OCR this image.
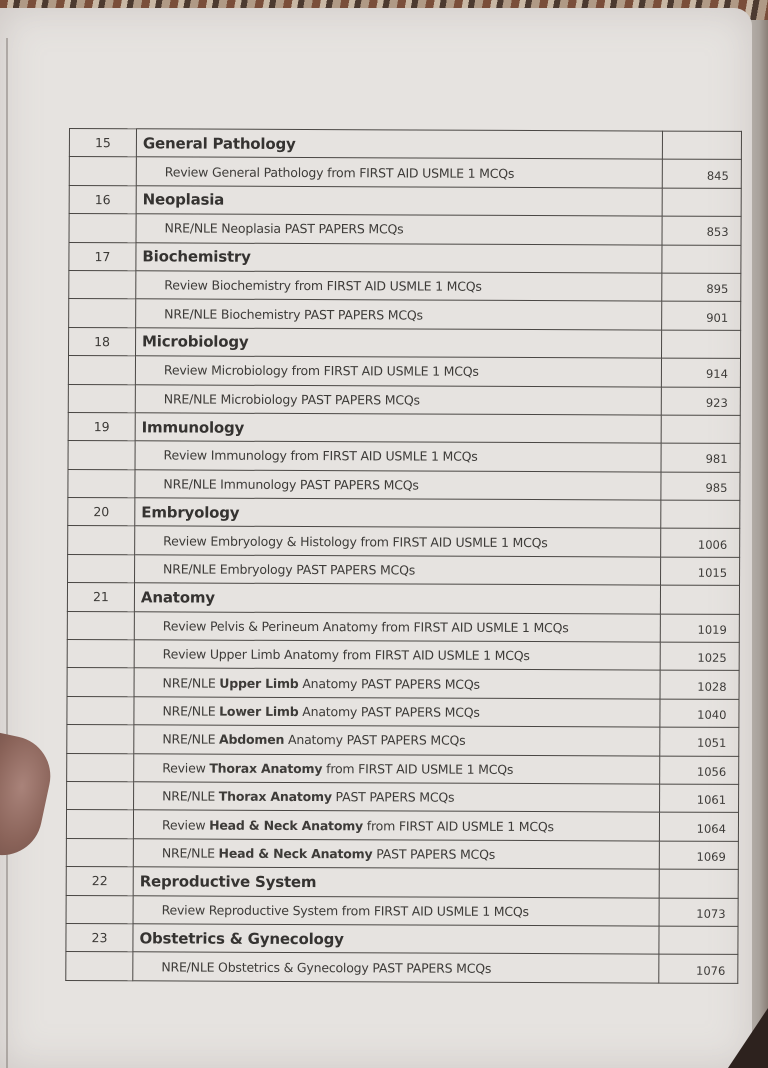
15	General Pathology	
	Review General Pathology from FIRST AID USMLE 1 MCQs	845
16	Neoplasia	
	NRE/NLE Neoplasia PAST PAPERS MCQs	853
17	Biochemistry	
	Review Biochemistry from FIRST AID USMLE 1 MCQs	895
	NRE/NLE Biochemistry PAST PAPERS MCQs	901
18	Microbiology	
	Review Microbiology from FIRST AID USMLE 1 MCQs	914
	NRE/NLE Microbiology PAST PAPERS MCQs	923
19	Immunology	
	Review Immunology from FIRST AID USMLE 1 MCQs	981
	NRE/NLE Immunology PAST PAPERS MCQs	985
20	Embryology	
	Review Embryology & Histology from FIRST AID USMLE 1 MCQs	1006
	NRE/NLE Embryology PAST PAPERS MCQs	1015
21	Anatomy	
	Review Pelvis & Perineum Anatomy from FIRST AID USMLE 1 MCQs	1019
	Review Upper Limb Anatomy from FIRST AID USMLE 1 MCQs	1025
	NRE/NLE Upper Limb Anatomy PAST PAPERS MCQs	1028
	NRE/NLE Lower Limb Anatomy PAST PAPERS MCQs	1040
	NRE/NLE Abdomen Anatomy PAST PAPERS MCQs	1051
	Review Thorax Anatomy from FIRST AID USMLE 1 MCQs	1056
	NRE/NLE Thorax Anatomy PAST PAPERS MCQs	1061
	Review Head & Neck Anatomy from FIRST AID USMLE 1 MCQs	1064
	NRE/NLE Head & Neck Anatomy PAST PAPERS MCQs	1069
22	Reproductive System	
	Review Reproductive System from FIRST AID USMLE 1 MCQs	1073
23	Obstetrics & Gynecology	
	NRE/NLE Obstetrics & Gynecology PAST PAPERS MCQs	1076
